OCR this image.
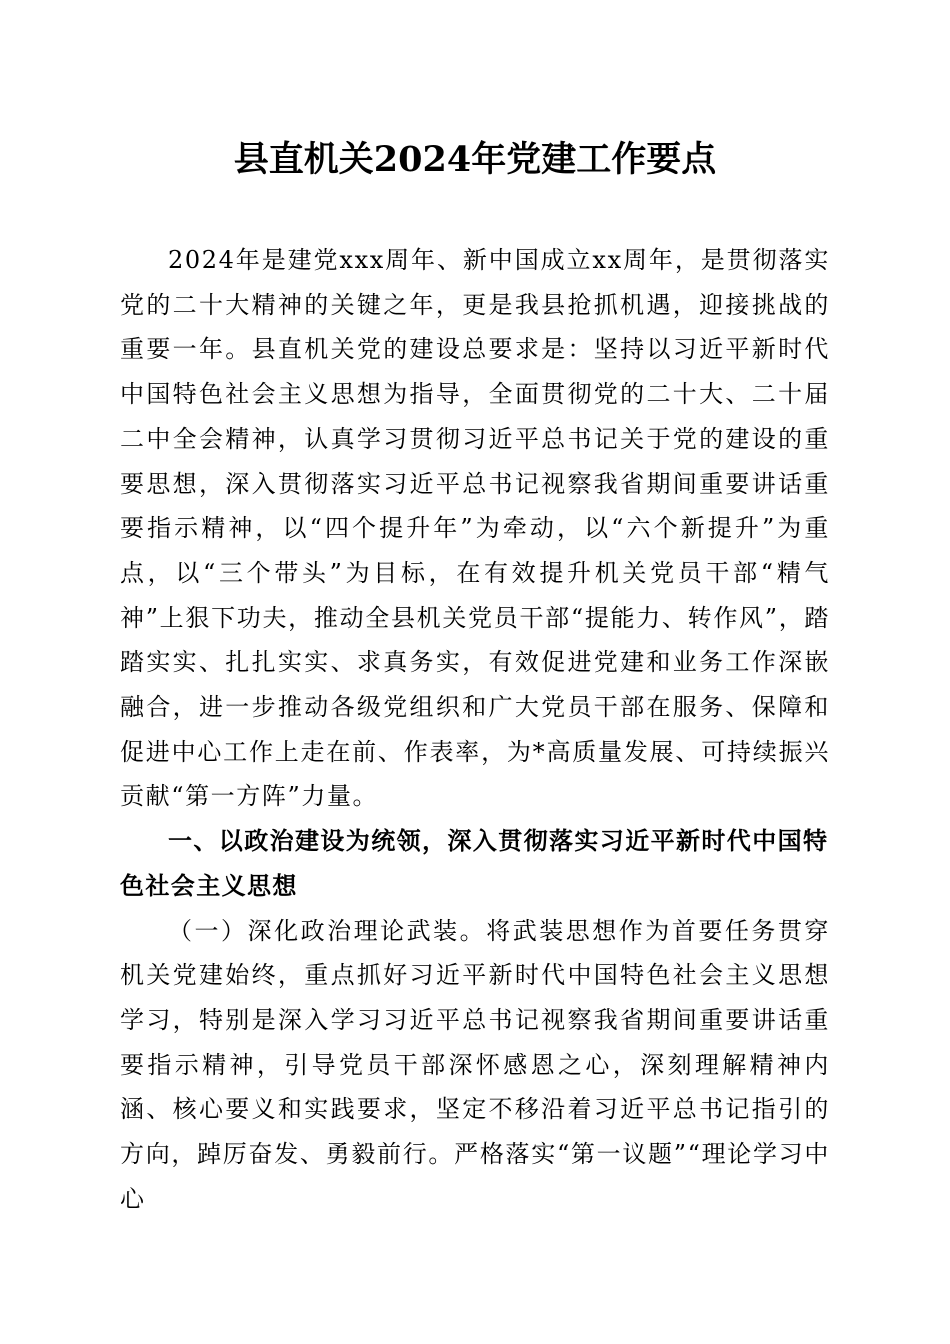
县直机关2024年党建工作要点

2024年是建党xxx周年、新中国成立xx周年，是贯彻落实党的二十大精神的关键之年，更是我县抢抓机遇，迎接挑战的重要一年。县直机关党的建设总要求是：坚持以习近平新时代中国特色社会主义思想为指导，全面贯彻党的二十大、二十届二中全会精神，认真学习贯彻习近平总书记关于党的建设的重要思想，深入贯彻落实习近平总书记视察我省期间重要讲话重要指示精神，以“四个提升年”为牵动，以“六个新提升”为重点，以“三个带头”为目标，在有效提升机关党员干部“精气神”上狠下功夫，推动全县机关党员干部“提能力、转作风”，踏踏实实、扎扎实实、求真务实，有效促进党建和业务工作深嵌融合，进一步推动各级党组织和广大党员干部在服务、保障和促进中心工作上走在前、作表率，为*高质量发展、可持续振兴贡献“第一方阵”力量。

一、以政治建设为统领，深入贯彻落实习近平新时代中国特色社会主义思想

（一）深化政治理论武装。将武装思想作为首要任务贯穿机关党建始终，重点抓好习近平新时代中国特色社会主义思想学习，特别是深入学习习近平总书记视察我省期间重要讲话重要指示精神，引导党员干部深怀感恩之心，深刻理解精神内涵、核心要义和实践要求，坚定不移沿着习近平总书记指引的方向，踔厉奋发、勇毅前行。严格落实“第一议题”“理论学习中心
